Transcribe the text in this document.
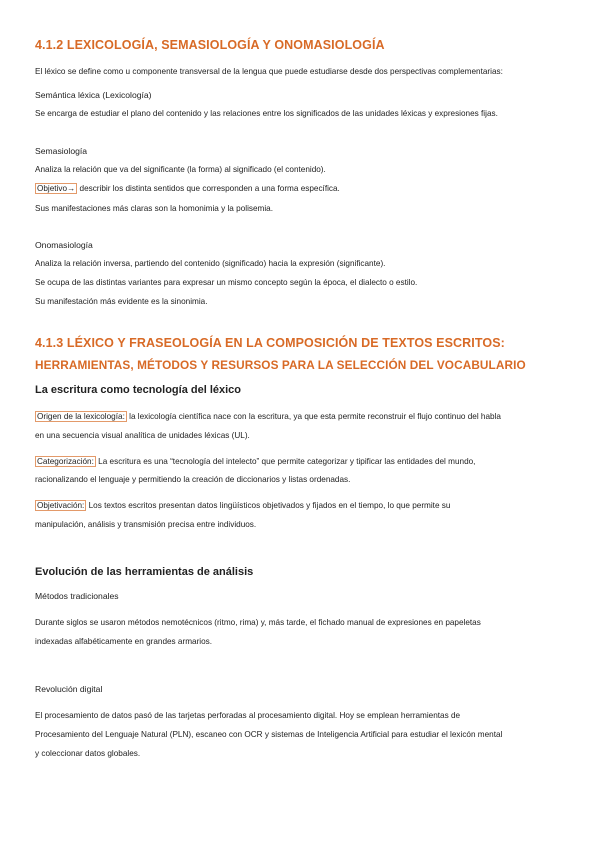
4.1.2 LEXICOLOGÍA, SEMASIOLOGÍA Y ONOMASIOLOGÍA
El léxico se define como u componente transversal de la lengua que puede estudiarse desde dos perspectivas complementarias:
Semántica léxica (Lexicología)
Se encarga de estudiar el plano del contenido y las relaciones entre los significados de las unidades léxicas y expresiones fijas.
Semasiología
Analiza la relación que va del significante (la forma) al significado (el contenido).
Objetivo→ describir los distinta sentidos que corresponden a una forma específica.
Sus manifestaciones más claras son la homonimia y la polisemia.
Onomasiología
Analiza la relación inversa, partiendo del contenido (significado) hacia la expresión (significante).
Se ocupa de las distintas variantes para expresar un mismo concepto según la época, el dialecto o estilo.
Su manifestación más evidente es la sinonimia.
4.1.3 LÉXICO Y FRASEOLOGÍA EN LA COMPOSICIÓN DE TEXTOS ESCRITOS:
HERRAMIENTAS, MÉTODOS Y RESURSOS PARA LA SELECCIÓN DEL VOCABULARIO
La escritura como tecnología del léxico
Origen de la lexicología: la lexicología científica nace con la escritura, ya que esta permite reconstruir el flujo continuo del habla
en una secuencia visual analítica de unidades léxicas (UL).
Categorización: La escritura es una “tecnología del intelecto” que permite categorizar y tipificar las entidades del mundo,
racionalizando el lenguaje y permitiendo la creación de diccionarios y listas ordenadas.
Objetivación: Los textos escritos presentan datos lingüísticos objetivados y fijados en el tiempo, lo que permite su
manipulación, análisis y transmisión precisa entre individuos.
Evolución de las herramientas de análisis
Métodos tradicionales
Durante siglos se usaron métodos nemotécnicos (ritmo, rima) y, más tarde, el fichado manual de expresiones en papeletas
indexadas alfabéticamente en grandes armarios.
Revolución digital
El procesamiento de datos pasó de las tarjetas perforadas al procesamiento digital. Hoy se emplean herramientas de
Procesamiento del Lenguaje Natural (PLN), escaneo con OCR y sistemas de Inteligencia Artificial para estudiar el lexicón mental
y coleccionar datos globales.
